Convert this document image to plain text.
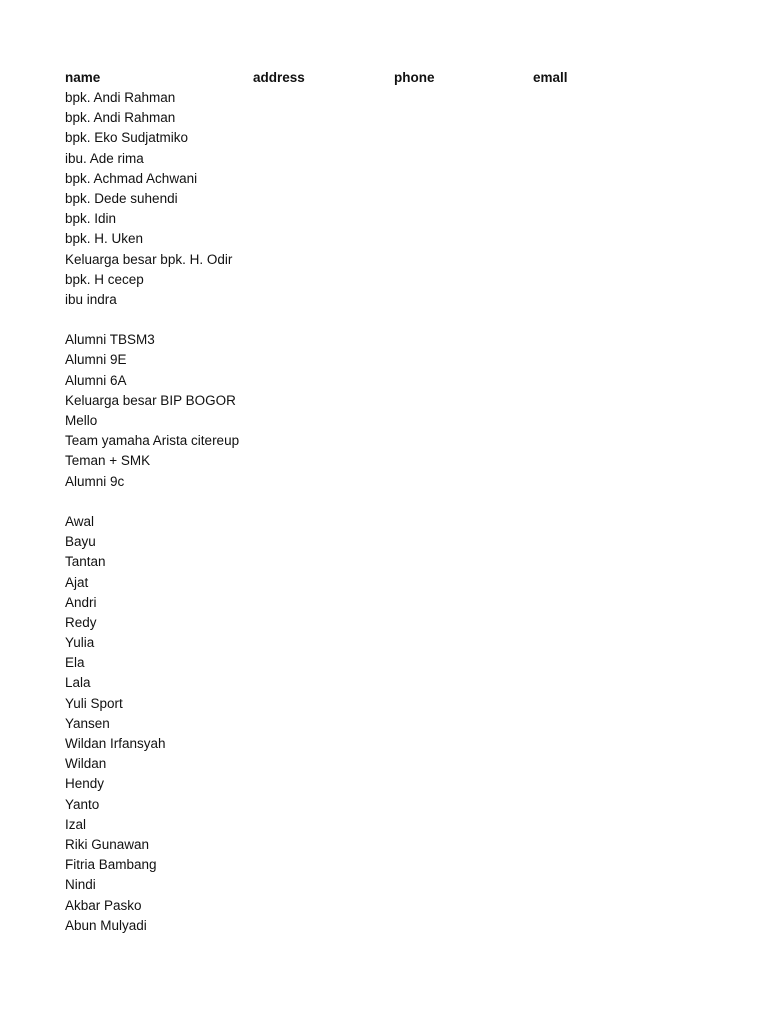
name	address	phone	emall
bpk. Andi Rahman
bpk. Andi Rahman
bpk. Eko Sudjatmiko
ibu. Ade rima
bpk. Achmad Achwani
bpk. Dede suhendi
bpk. Idin
bpk. H. Uken
Keluarga besar bpk. H. Odir
bpk. H cecep
ibu indra
Alumni TBSM3
Alumni 9E
Alumni 6A
Keluarga besar BIP BOGOR
Mello
Team yamaha Arista citereup
Teman + SMK
Alumni 9c
Awal
Bayu
Tantan
Ajat
Andri
Redy
Yulia
Ela
Lala
Yuli Sport
Yansen
Wildan Irfansyah
Wildan
Hendy
Yanto
Izal
Riki Gunawan
Fitria Bambang
Nindi
Akbar Pasko
Abun Mulyadi
